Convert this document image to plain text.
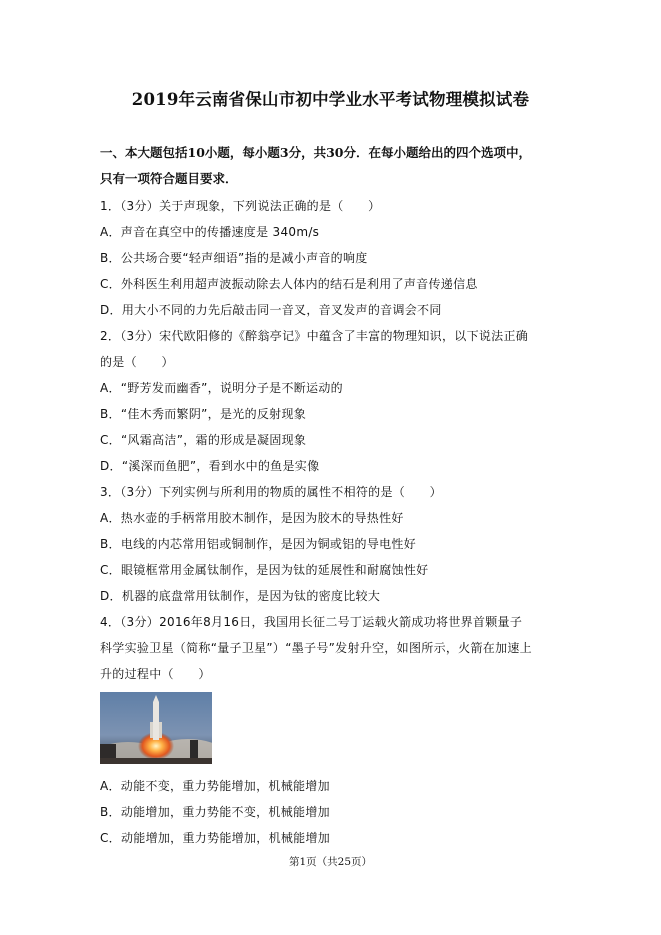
2019年云南省保山市初中学业水平考试物理模拟试卷
一、本大题包括10小题，每小题3分，共30分．在每小题给出的四个选项中，
只有一项符合题目要求．
1．（3分）关于声现象，下列说法正确的是（　　）
A．声音在真空中的传播速度是 340m/s
B．公共场合要“轻声细语”指的是减小声音的响度
C．外科医生利用超声波振动除去人体内的结石是利用了声音传递信息
D．用大小不同的力先后敲击同一音叉，音叉发声的音调会不同
2．（3分）宋代欧阳修的《醉翁亭记》中蕴含了丰富的物理知识，以下说法正确
的是（　　）
A．“野芳发而幽香”，说明分子是不断运动的
B．“佳木秀而繁阴”，是光的反射现象
C．“风霜高洁”，霜的形成是凝固现象
D．“溪深而鱼肥”，看到水中的鱼是实像
3．（3分）下列实例与所利用的物质的属性不相符的是（　　）
A．热水壶的手柄常用胶木制作，是因为胶木的导热性好
B．电线的内芯常用铝或铜制作，是因为铜或铝的导电性好
C．眼镜框常用金属钛制作，是因为钛的延展性和耐腐蚀性好
D．机器的底盘常用钛制作，是因为钛的密度比较大
4．（3分）2016年8月16日，我国用长征二号丁运载火箭成功将世界首颗量子
科学实验卫星（简称“量子卫星”）“墨子号”发射升空，如图所示，火箭在加速上
升的过程中（　　）
A．动能不变，重力势能增加，机械能增加
B．动能增加，重力势能不变，机械能增加
C．动能增加，重力势能增加，机械能增加
第1页（共25页）
